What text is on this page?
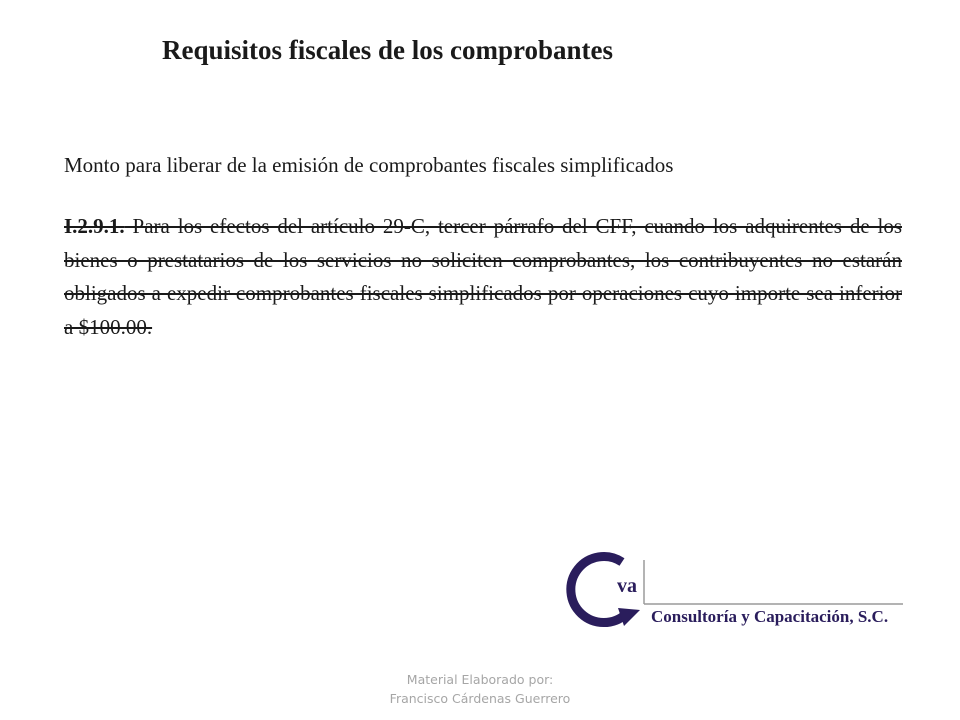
Requisitos fiscales de los comprobantes

Monto para liberar de la emisión de comprobantes fiscales simplificados

I.2.9.1. Para los efectos del artículo 29-C, tercer párrafo del CFF, cuando los adquirentes de los bienes o prestatarios de los servicios no soliciten comprobantes, los contribuyentes no estarán obligados a expedir comprobantes fiscales simplificados por operaciones cuyo importe sea inferior a $100.00.

va
Consultoría y Capacitación, S.C.
Material Elaborado por:
Francisco Cárdenas Guerrero
